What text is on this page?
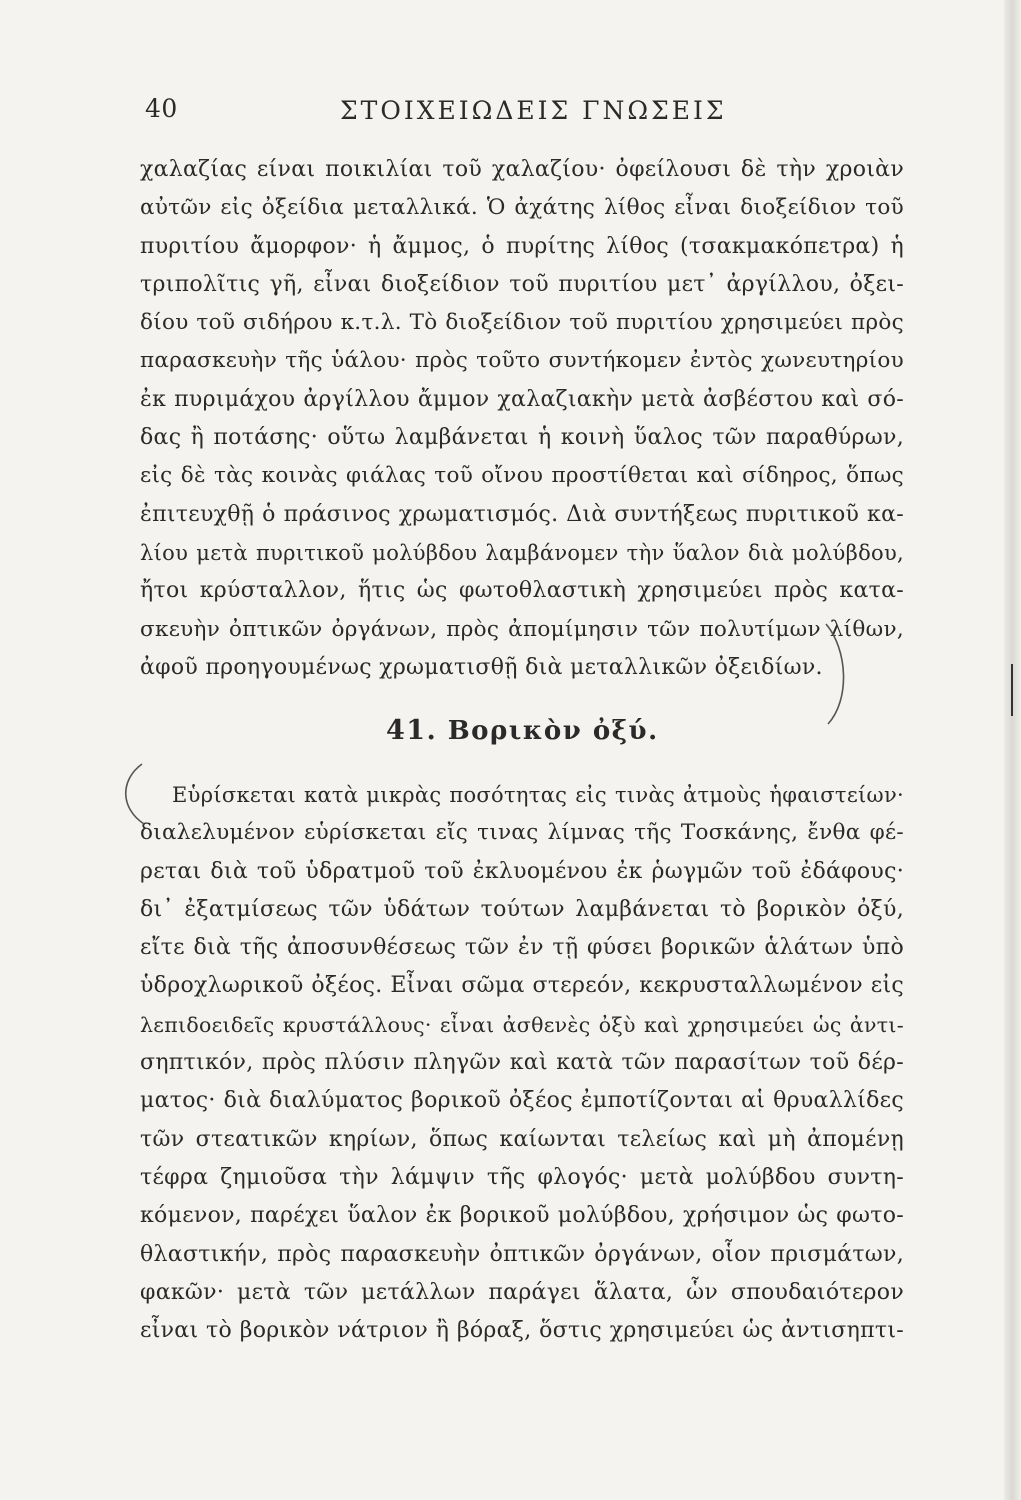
40	ΣΤΟΙΧΕΙΩΔΕΙΣ ΓΝΩΣΕΙΣ
χαλαζίας είναι ποικιλίαι τοῦ χαλαζίου· ὀφείλουσι δὲ τὴν χροιὰν
αὐτῶν εἰς ὀξείδια μεταλλικά. Ὁ ἀχάτης λίθος εἶναι διοξείδιον τοῦ
πυριτίου ἄμορφον· ἡ ἄμμος, ὁ πυρίτης λίθος (τσακμακόπετρα) ἡ
τριπολῖτις γῆ, εἶναι διοξείδιον τοῦ πυριτίου μετ᾽ ἀργίλλου, ὀξει-
δίου τοῦ σιδήρου κ.τ.λ. Τὸ διοξείδιον τοῦ πυριτίου χρησιμεύει πρὸς
παρασκευὴν τῆς ὑάλου· πρὸς τοῦτο συντήκομεν ἐντὸς χωνευτηρίου
ἐκ πυριμάχου ἀργίλλου ἄμμον χαλαζιακὴν μετὰ ἀσβέστου καὶ σό-
δας ἢ ποτάσης· οὕτω λαμβάνεται ἡ κοινὴ ὕαλος τῶν παραθύρων,
εἰς δὲ τὰς κοινὰς φιάλας τοῦ οἴνου προστίθεται καὶ σίδηρος, ὅπως
ἐπιτευχθῇ ὁ πράσινος χρωματισμός. Διὰ συντήξεως πυριτικοῦ κα-
λίου μετὰ πυριτικοῦ μολύβδου λαμβάνομεν τὴν ὕαλον διὰ μολύβδου,
ἤτοι κρύσταλλον, ἥτις ὡς φωτοθλαστικὴ χρησιμεύει πρὸς κατα-
σκευὴν ὀπτικῶν ὀργάνων, πρὸς ἀπομίμησιν τῶν πολυτίμων λίθων,
ἀφοῦ προηγουμένως χρωματισθῇ διὰ μεταλλικῶν ὀξειδίων.
41. Βορικὸν ὀξύ.
Εὑρίσκεται κατὰ μικρὰς ποσότητας εἰς τινὰς ἀτμοὺς ἡφαιστείων·
διαλελυμένον εὑρίσκεται εἴς τινας λίμνας τῆς Τοσκάνης, ἔνθα φέ-
ρεται διὰ τοῦ ὑδρατμοῦ τοῦ ἐκλυομένου ἐκ ῥωγμῶν τοῦ ἐδάφους·
δι᾽ ἐξατμίσεως τῶν ὑδάτων τούτων λαμβάνεται τὸ βορικὸν ὀξύ,
εἴτε διὰ τῆς ἀποσυνθέσεως τῶν ἐν τῇ φύσει βορικῶν ἁλάτων ὑπὸ
ὑδροχλωρικοῦ ὀξέος. Εἶναι σῶμα στερεόν, κεκρυσταλλωμένον εἰς
λεπιδοειδεῖς κρυστάλλους· εἶναι ἀσθενὲς ὀξὺ καὶ χρησιμεύει ὡς ἀντι-
σηπτικόν, πρὸς πλύσιν πληγῶν καὶ κατὰ τῶν παρασίτων τοῦ δέρ-
ματος· διὰ διαλύματος βορικοῦ ὀξέος ἐμποτίζονται αἱ θρυαλλίδες
τῶν στεατικῶν κηρίων, ὅπως καίωνται τελείως καὶ μὴ ἀπομένῃ
τέφρα ζημιοῦσα τὴν λάμψιν τῆς φλογός· μετὰ μολύβδου συντη-
κόμενον, παρέχει ὕαλον ἐκ βορικοῦ μολύβδου, χρήσιμον ὡς φωτο-
θλαστικήν, πρὸς παρασκευὴν ὀπτικῶν ὀργάνων, οἷον πρισμάτων,
φακῶν· μετὰ τῶν μετάλλων παράγει ἅλατα, ὧν σπουδαιότερον
εἶναι τὸ βορικὸν νάτριον ἢ βόραξ, ὅστις χρησιμεύει ὡς ἀντισηπτι-
